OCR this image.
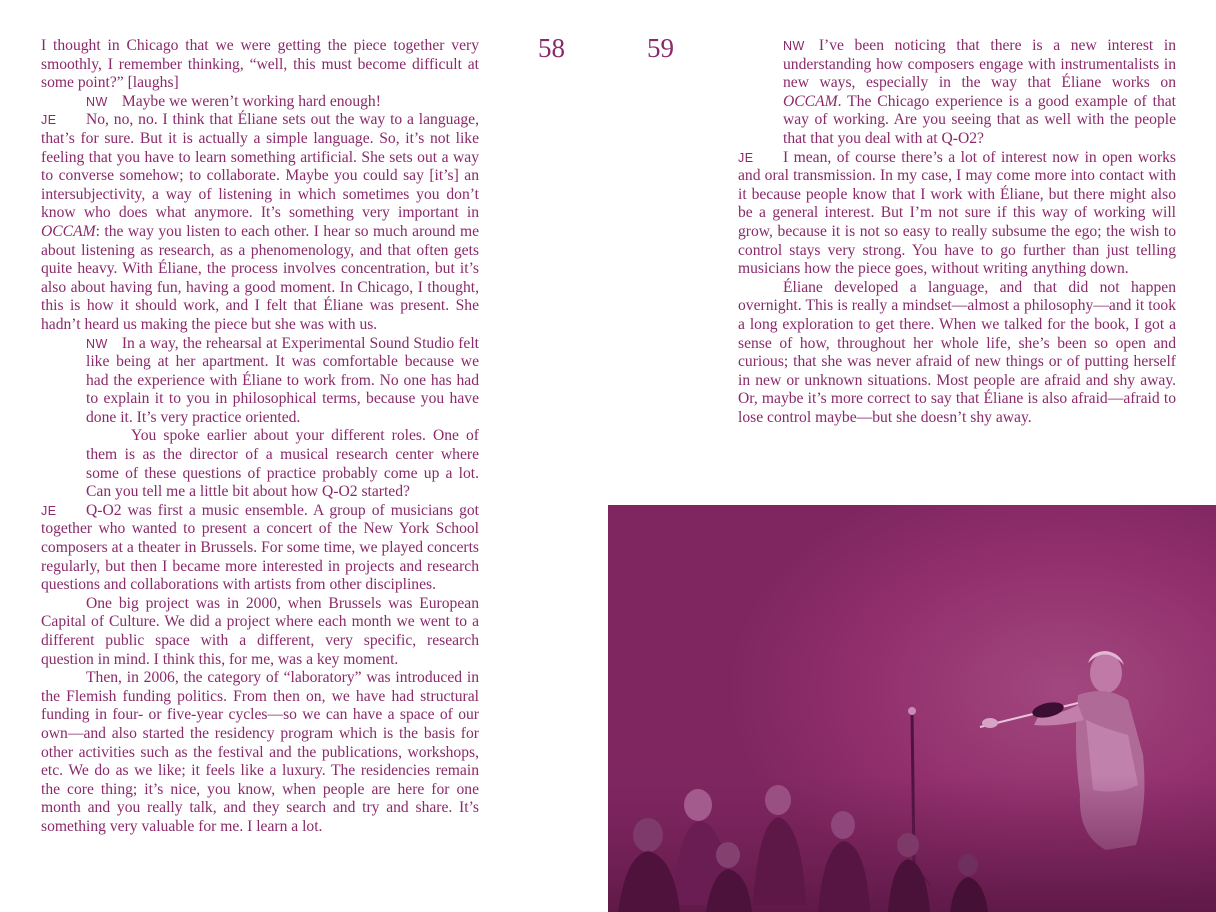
58	59

I thought in Chicago that we were getting the piece together very smoothly, I remember thinking, “well, this must become difficult at some point?” [laughs]

NW Maybe we weren’t working hard enough!

JE No, no, no. I think that Éliane sets out the way to a language, that’s for sure. But it is actually a simple language. So, it’s not like feeling that you have to learn something artificial. She sets out a way to converse somehow; to collaborate. Maybe you could say [it’s] an intersubjectivity, a way of listening in which sometimes you don’t know who does what anymore. It’s something very important in OCCAM: the way you listen to each other. I hear so much around me about listening as research, as a phenomenology, and that often gets quite heavy. With Éliane, the process involves concentration, but it’s also about having fun, having a good moment. In Chicago, I thought, this is how it should work, and I felt that Éliane was present. She hadn’t heard us making the piece but she was with us.

NW In a way, the rehearsal at Experimental Sound Studio felt like being at her apartment. It was comfortable because we had the experience with Éliane to work from. No one has had to explain it to you in philosophical terms, because you have done it. It’s very practice oriented.

You spoke earlier about your different roles. One of them is as the director of a musical research center where some of these questions of practice probably come up a lot. Can you tell me a little bit about how Q-O2 started?

JE Q-O2 was first a music ensemble. A group of musicians got together who wanted to present a concert of the New York School composers at a theater in Brussels. For some time, we played concerts regularly, but then I became more interested in projects and research questions and collaborations with artists from other disciplines.

One big project was in 2000, when Brussels was European Capital of Culture. We did a project where each month we went to a different public space with a different, very specific, research question in mind. I think this, for me, was a key moment.

Then, in 2006, the category of “laboratory” was introduced in the Flemish funding politics. From then on, we have had structural funding in four- or five-year cycles—so we can have a space of our own—and also started the residency program which is the basis for other activities such as the festival and the publications, workshops, etc. We do as we like; it feels like a luxury. The residencies remain the core thing; it’s nice, you know, when people are here for one month and you really talk, and they search and try and share. It’s something very valuable for me. I learn a lot.

NW I’ve been noticing that there is a new interest in understanding how composers engage with instrumentalists in new ways, especially in the way that Éliane works on OCCAM. The Chicago experience is a good example of that way of working. Are you seeing that as well with the people that that you deal with at Q-O2?

JE I mean, of course there’s a lot of interest now in open works and oral transmission. In my case, I may come more into contact with it because people know that I work with Éliane, but there might also be a general interest. But I’m not sure if this way of working will grow, because it is not so easy to really subsume the ego; the wish to control stays very strong. You have to go further than just telling musicians how the piece goes, without writing anything down.

Éliane developed a language, and that did not happen overnight. This is really a mindset—almost a philosophy—and it took a long exploration to get there. When we talked for the book, I got a sense of how, throughout her whole life, she’s been so open and curious; that she was never afraid of new things or of putting herself in new or unknown situations. Most people are afraid and shy away. Or, maybe it’s more correct to say that Éliane is also afraid—afraid to lose control maybe—but she doesn’t shy away.
